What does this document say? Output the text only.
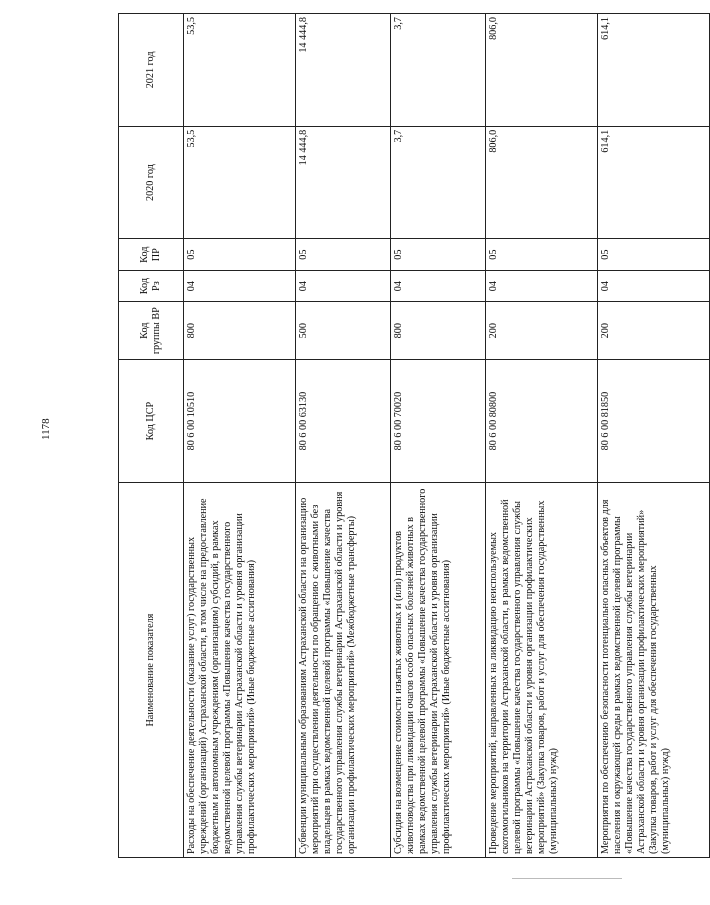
1178
Наименование показателя	Код ЦСР	Код группы ВР	Код Рз	Код ПР	2020 год	2021 год
Расходы на обеспечение деятельности (оказание услуг) государственных учреждений (организаций) Астраханской области, в том числе на предоставление бюджетным и автономным учреждениям (организациям) субсидий, в рамках ведомственной целевой программы «Повышение качества государственного управления службы ветеринарии Астраханской области и уровня организации профилактических мероприятий» (Иные бюджетные ассигнования)	80 6 00 10510	800	04	05	53,5	53,5
Субвенции муниципальным образованиям Астраханской области на организацию мероприятий при осуществлении деятельности по обращению с животными без владельцев в рамках ведомственной целевой программы «Повышение качества государственного управления службы ветеринарии Астраханской области и уровня организации профилактических мероприятий» (Межбюджетные трансферты)	80 6 00 63130	500	04	05	14 444,8	14 444,8
Субсидия на возмещение стоимости изъятых животных и (или) продуктов животноводства при ликвидации очагов особо опасных болезней животных в рамках ведомственной целевой программы «Повышение качества государственного управления службы ветеринарии Астраханской области и уровня организации профилактических мероприятий» (Иные бюджетные ассигнования)	80 6 00 70020	800	04	05	3,7	3,7
Проведение мероприятий, направленных на ликвидацию неиспользуемых скотомогильников на территории Астраханской области, в рамках ведомственной целевой программы «Повышение качества государственного управления службы ветеринарии Астраханской области и уровня организации профилактических мероприятий» (Закупка товаров, работ и услуг для обеспечения государственных (муниципальных) нужд)	80 6 00 80800	200	04	05	806,0	806,0
Мероприятия по обеспечению безопасности потенциально опасных объектов для населения и окружающей среды в рамках ведомственной целевой программы «Повышение качества государственного управления службы ветеринарии Астраханской области и уровня организации профилактических мероприятий» (Закупка товаров, работ и услуг для обеспечения государственных (муниципальных) нужд)	80 6 00 81850	200	04	05	614,1	614,1
